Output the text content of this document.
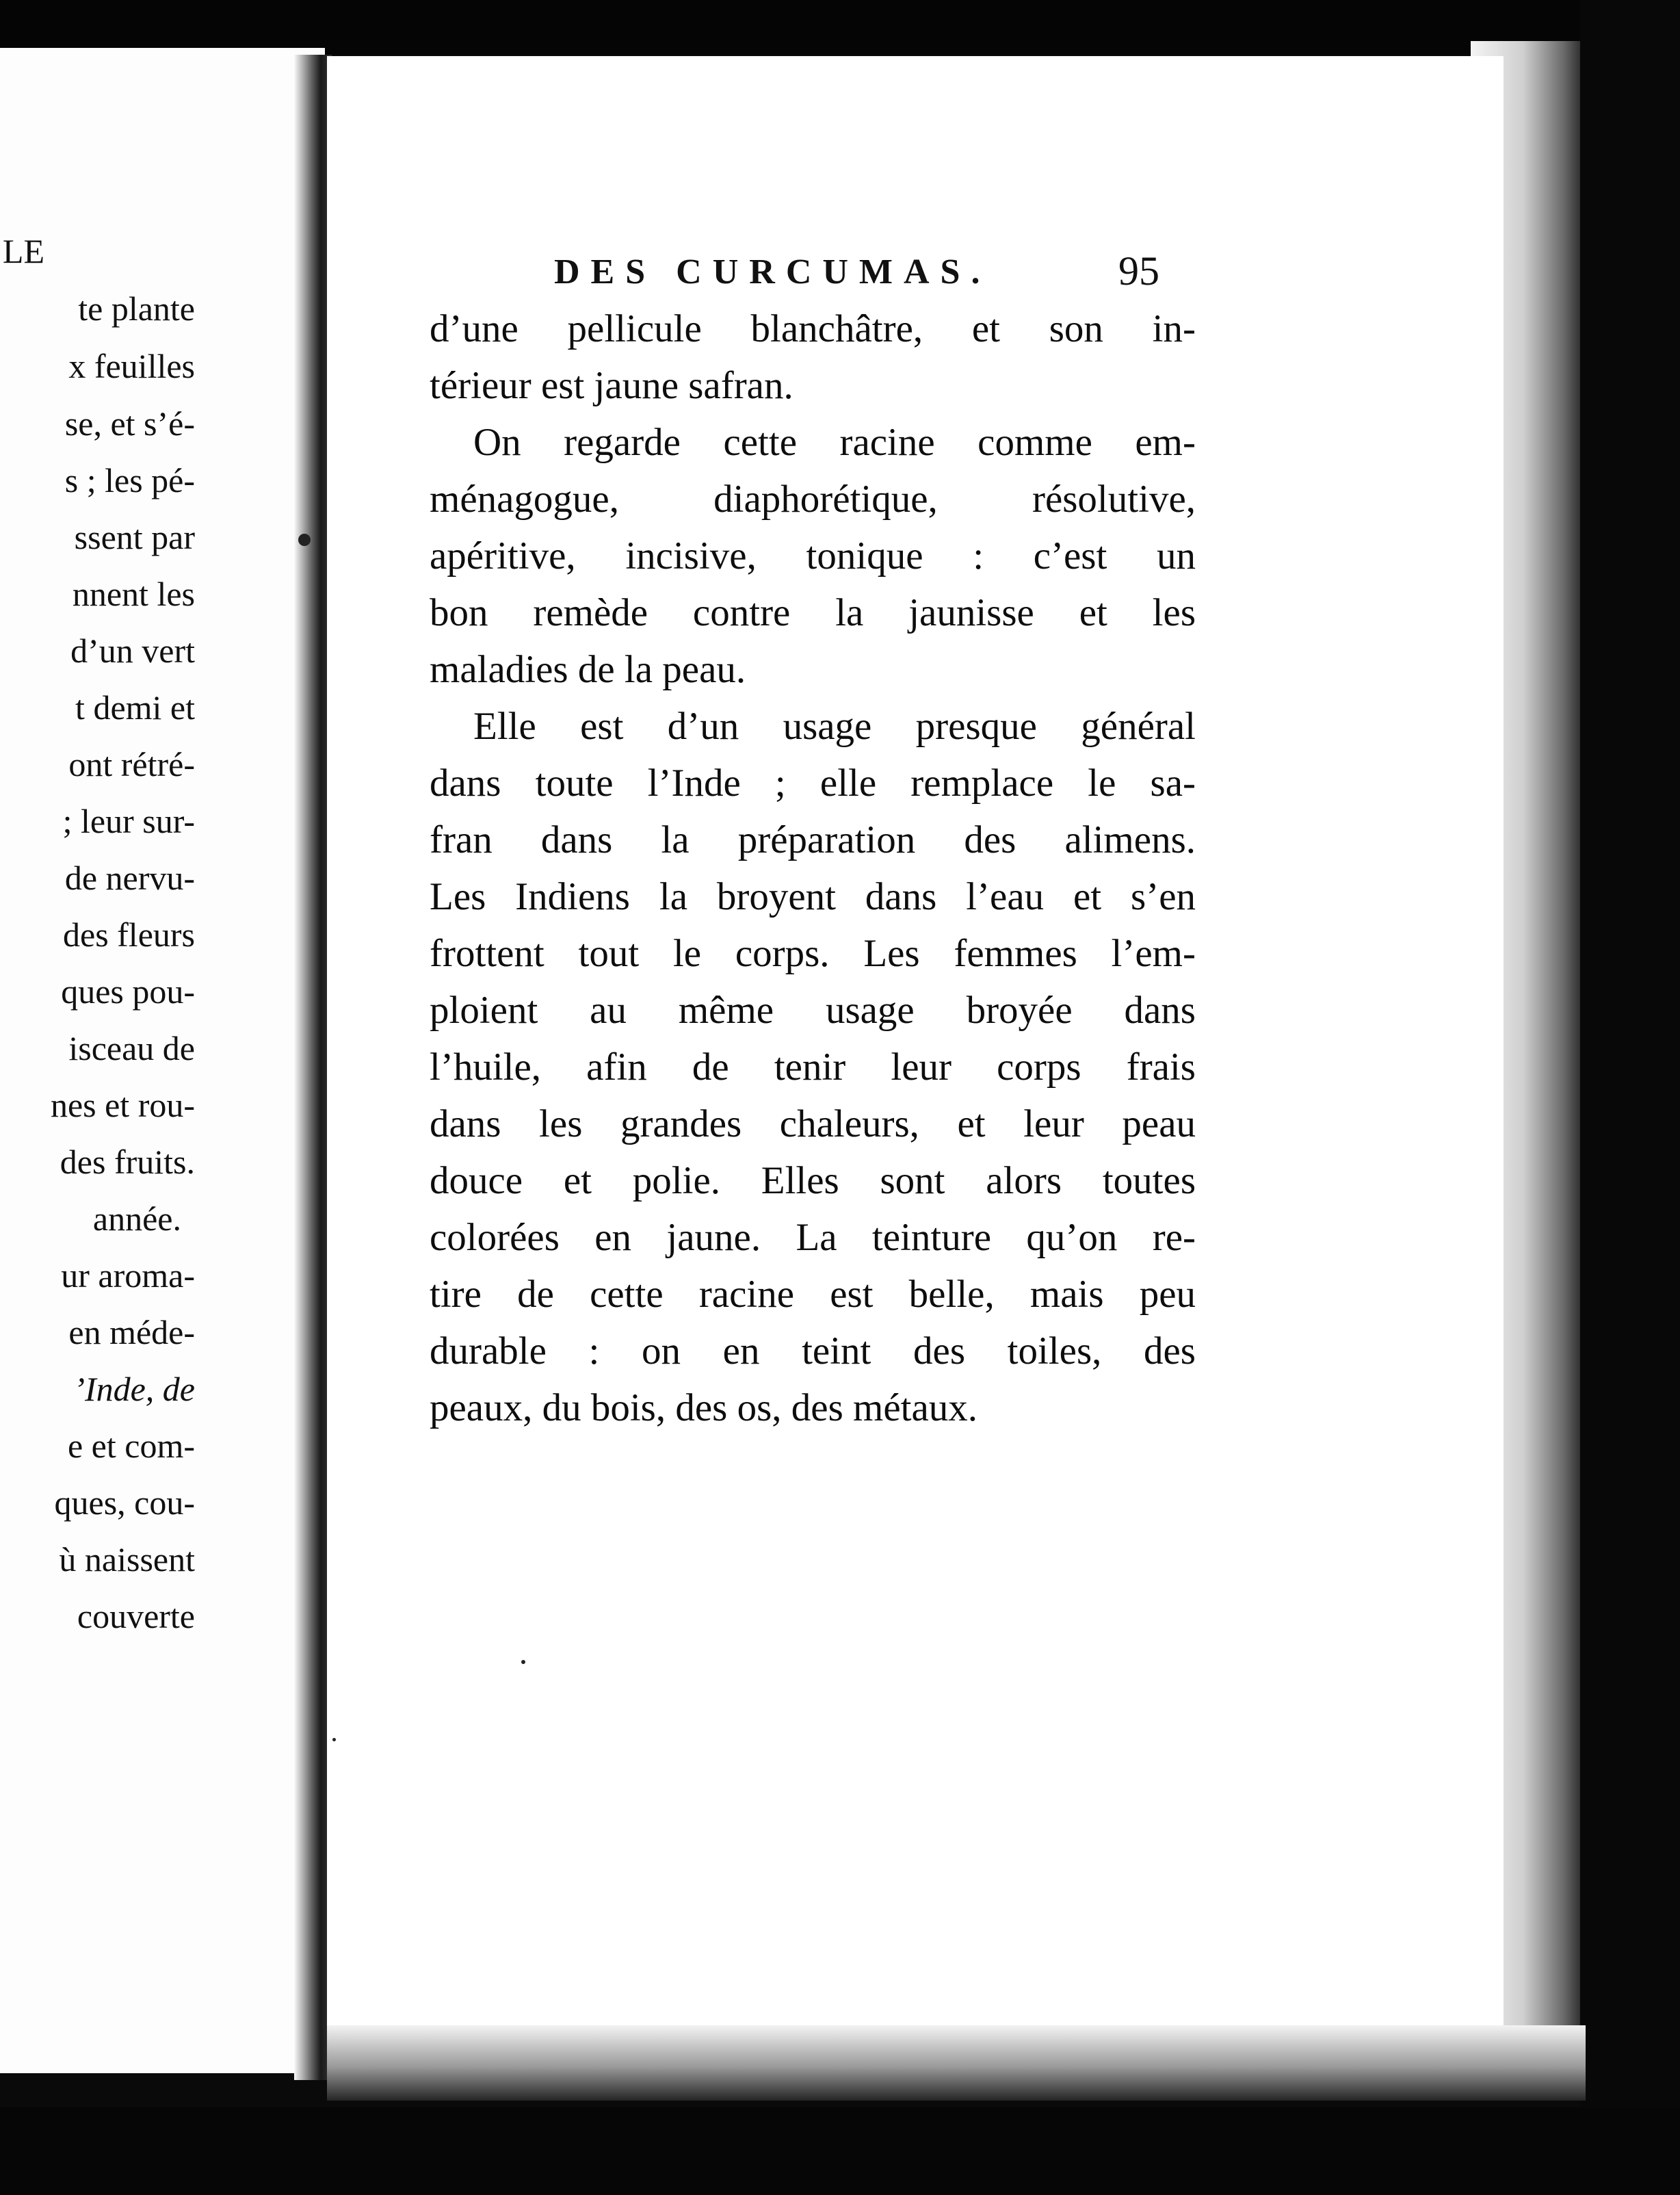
LE
te plante
x feuilles
se, et s’é-
s ; les pé-
ssent par
nnent les
d’un vert
t demi et
ont rétré-
; leur sur-
de nervu-
des fleurs
ques pou-
isceau de
nes et rou-
des fruits.
année.
ur aroma-
en méde-
’Inde, de
e et com-
ques, cou-
ù naissent
couverte
DES CURCUMAS.	95
d’une pellicule blanchâtre, et son in-
térieur est jaune safran.
On regarde cette racine comme em-
ménagogue, diaphorétique, résolutive,
apéritive, incisive, tonique : c’est un
bon remède contre la jaunisse et les
maladies de la peau.
Elle est d’un usage presque général
dans toute l’Inde ; elle remplace le sa-
fran dans la préparation des alimens.
Les Indiens la broyent dans l’eau et s’en
frottent tout le corps. Les femmes l’em-
ploient au même usage broyée dans
l’huile, afin de tenir leur corps frais
dans les grandes chaleurs, et leur peau
douce et polie. Elles sont alors toutes
colorées en jaune. La teinture qu’on re-
tire de cette racine est belle, mais peu
durable : on en teint des toiles, des
peaux, du bois, des os, des métaux.
